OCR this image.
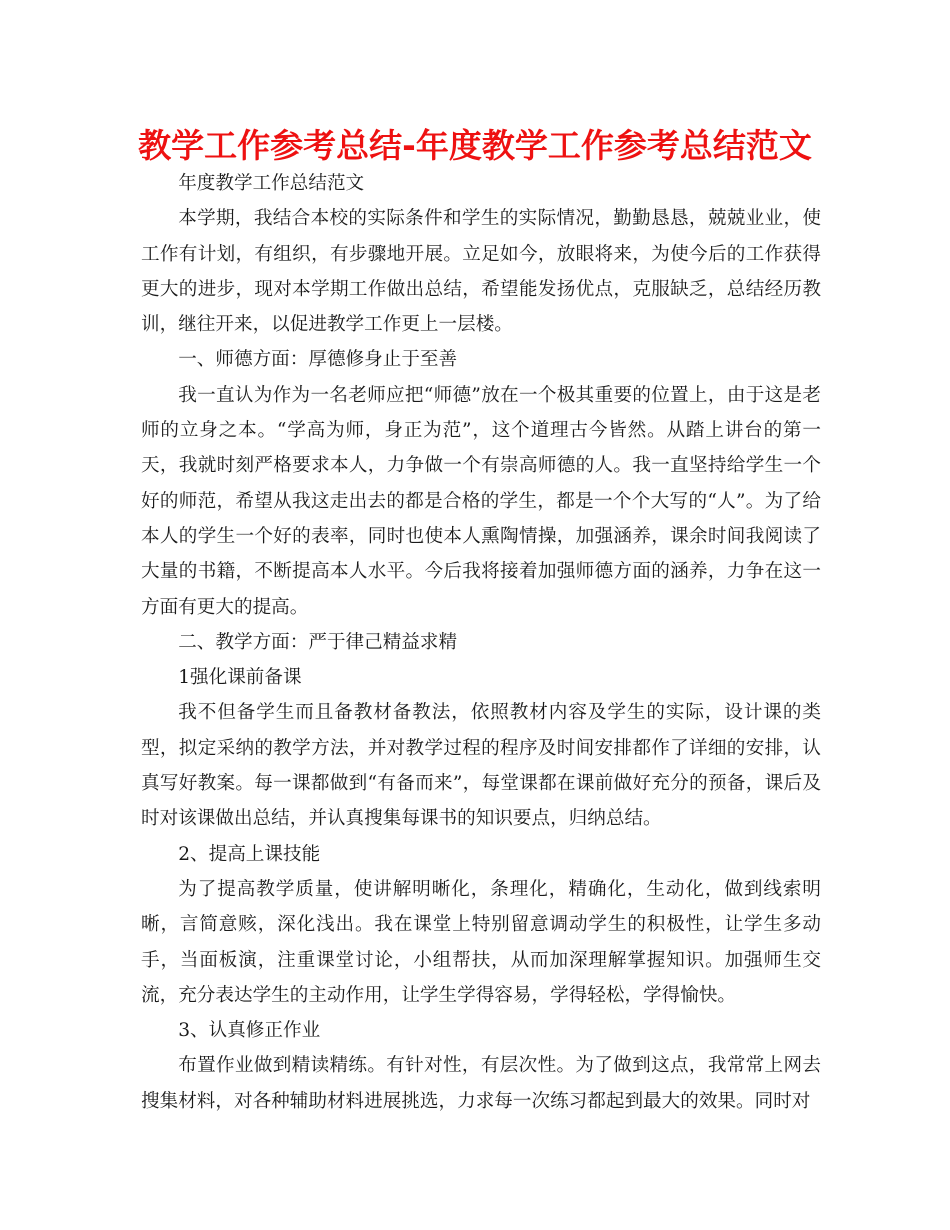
教学工作参考总结-年度教学工作参考总结范文

年度教学工作总结范文

本学期，我结合本校的实际条件和学生的实际情况，勤勤恳恳，兢兢业业，使工作有计划，有组织，有步骤地开展。立足如今，放眼将来，为使今后的工作获得更大的进步，现对本学期工作做出总结，希望能发扬优点，克服缺乏，总结经历教训，继往开来，以促进教学工作更上一层楼。

一、师德方面：厚德修身止于至善

我一直认为作为一名老师应把“师德”放在一个极其重要的位置上，由于这是老师的立身之本。“学高为师，身正为范”，这个道理古今皆然。从踏上讲台的第一天，我就时刻严格要求本人，力争做一个有崇高师德的人。我一直坚持给学生一个好的师范，希望从我这走出去的都是合格的学生，都是一个个大写的“人”。为了给本人的学生一个好的表率，同时也使本人熏陶情操，加强涵养，课余时间我阅读了大量的书籍，不断提高本人水平。今后我将接着加强师德方面的涵养，力争在这一方面有更大的提高。

二、教学方面：严于律己精益求精

1强化课前备课

我不但备学生而且备教材备教法，依照教材内容及学生的实际，设计课的类型，拟定采纳的教学方法，并对教学过程的程序及时间安排都作了详细的安排，认真写好教案。每一课都做到“有备而来”，每堂课都在课前做好充分的预备，课后及时对该课做出总结，并认真搜集每课书的知识要点，归纳总结。

2、提高上课技能

为了提高教学质量，使讲解明晰化，条理化，精确化，生动化，做到线索明晰，言简意赅，深化浅出。我在课堂上特别留意调动学生的积极性，让学生多动手，当面板演，注重课堂讨论，小组帮扶，从而加深理解掌握知识。加强师生交流，充分表达学生的主动作用，让学生学得容易，学得轻松，学得愉快。

3、认真修正作业

布置作业做到精读精练。有针对性，有层次性。为了做到这点，我常常上网去搜集材料，对各种辅助材料进展挑选，力求每一次练习都起到最大的效果。同时对
